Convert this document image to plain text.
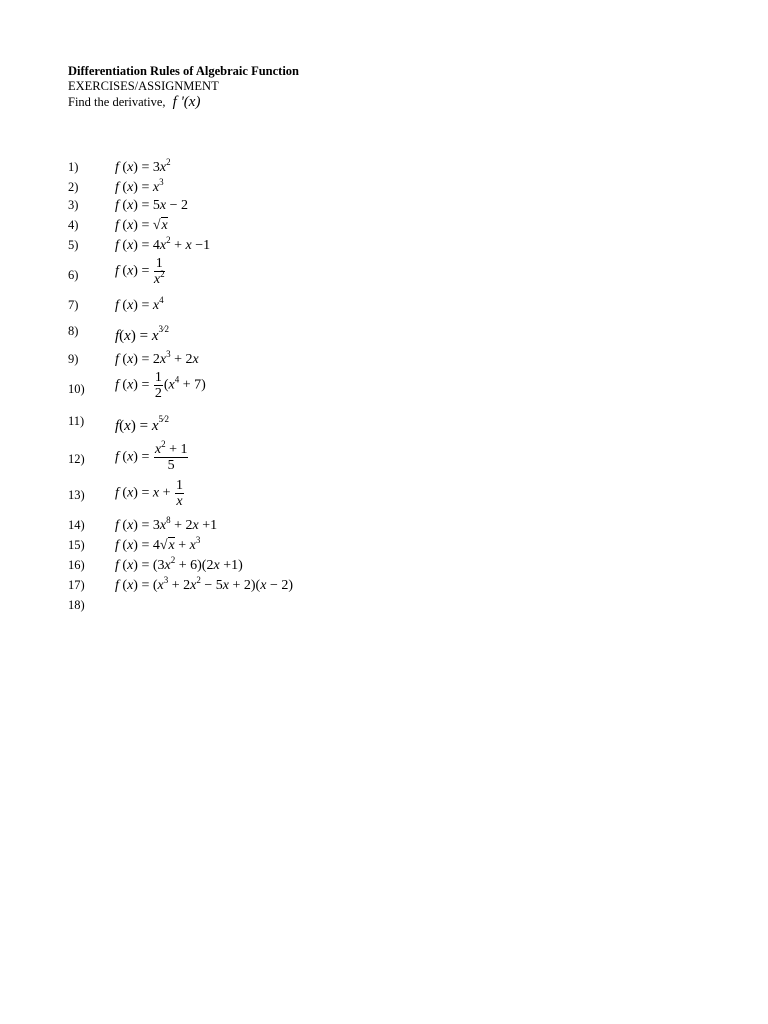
Differentiation Rules of Algebraic Function
EXERCISES/ASSIGNMENT
Find the derivative, f '(x)
1)	f $(x) = 3x^2$
2)	f $(x) = x^3$
3)	f (x) = 5x − 2
4)	f (x) = √x
5)	f $(x) = 4x^2 + x -1$
6)	f $(x) = \frac{1}{x^2}$
7)	f $(x) = x^4$
8) $f(x) = x^{3⁄2}$
9)	f $(x) = 2x^3 + 2x$
10) f $(x) = \frac{1}{2} (x^4 + 7)$
11) $f(x) = x^{5⁄2}$
12) f $(x) = \frac{x^2 + 1}{5}$
13) f $(x) = x + \frac{1}{x}$
14) f $(x) = 3x^8 + 2x +1$
15) f $(x) = 4√x + x^3$
16) f $(x) = (3x^2 + 6)(2x +1)$
17) f $(x) = (x^3 + 2x^2 - 5x + 2)(x - 2)$
18)
